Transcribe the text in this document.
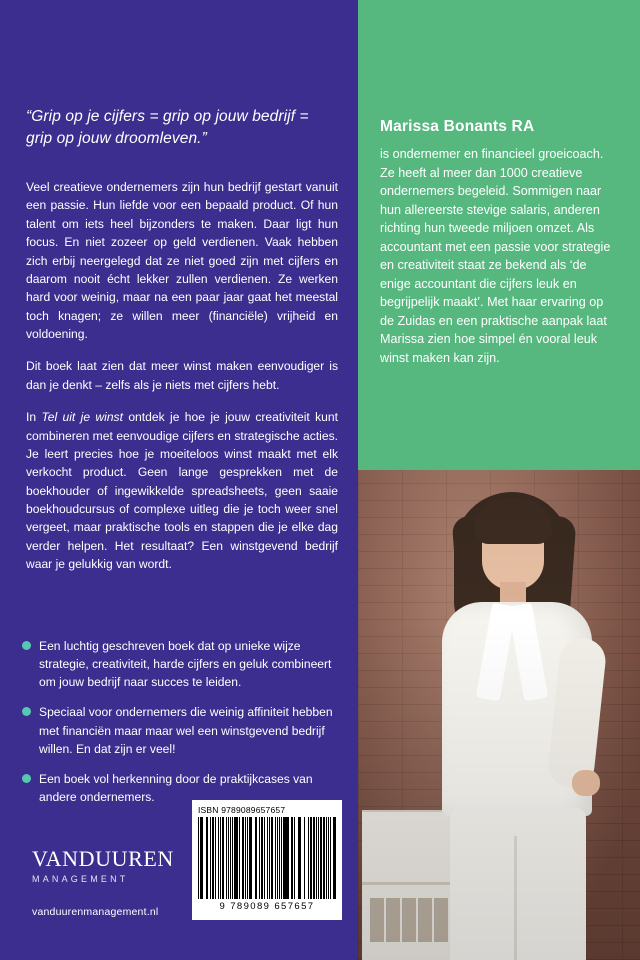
“Grip op je cijfers = grip op jouw bedrijf = grip op jouw droomleven.”

Veel creatieve ondernemers zijn hun bedrijf gestart vanuit een passie. Hun liefde voor een bepaald product. Of hun talent om iets heel bijzonders te maken. Daar ligt hun focus. En niet zozeer op geld verdienen. Vaak hebben zich erbij neergelegd dat ze niet goed zijn met cijfers en daarom nooit écht lekker zullen verdienen. Ze werken hard voor weinig, maar na een paar jaar gaat het meestal toch knagen; ze willen meer (financiële) vrijheid en voldoening.

Dit boek laat zien dat meer winst maken eenvoudiger is dan je denkt – zelfs als je niets met cijfers hebt.

In Tel uit je winst ontdek je hoe je jouw creativiteit kunt combineren met eenvoudige cijfers en strategische acties. Je leert precies hoe je moeiteloos winst maakt met elk verkocht product. Geen lange gesprekken met de boekhouder of ingewikkelde spreadsheets, geen saaie boekhoudcursus of complexe uitleg die je toch weer snel vergeet, maar praktische tools en stappen die je elke dag verder helpen. Het resultaat? Een winstgevend bedrijf waar je gelukkig van wordt.

Een luchtig geschreven boek dat op unieke wijze strategie, creativiteit, harde cijfers en geluk combineert om jouw bedrijf naar succes te leiden.
Speciaal voor ondernemers die weinig affiniteit hebben met financiën maar maar wel een winstgevend bedrijf willen. En dat zijn er veel!
Een boek vol herkenning door de praktijkcases van andere ondernemers.
VANDUUREN
MANAGEMENT
vanduurenmanagement.nl
ISBN 9789089657657
9 789089 657657
Marissa Bonants RA
is ondernemer en financieel groeicoach. Ze heeft al meer dan 1000 creatieve ondernemers begeleid. Sommigen naar hun allereerste stevige salaris, anderen richting hun tweede miljoen omzet. Als accountant met een passie voor strategie en creativiteit staat ze bekend als ‘de enige accountant die cijfers leuk en begrijpelijk maakt’. Met haar ervaring op de Zuidas en een praktische aanpak laat Marissa zien hoe simpel én vooral leuk winst maken kan zijn.
